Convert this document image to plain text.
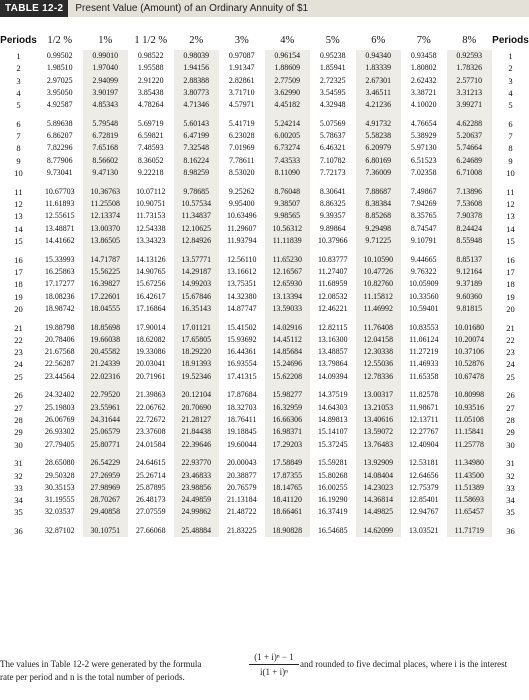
TABLE 12-2	Present Value (Amount) of an Ordinary Annuity of $1
Periods	1/2 %	1%	1 1/2 %	2%	3%	4%	5%	6%	7%	8%	Periods
1	0.99502	0.99010	0.98522	0.98039	0.97087	0.96154	0.95238	0.94340	0.93458	0.92593	1
2	1.98510	1.97040	1.95588	1.94156	1.91347	1.88609	1.85941	1.83339	1.80802	1.78326	2
3	2.97025	2.94099	2.91220	2.88388	2.82861	2.77509	2.72325	2.67301	2.62432	2.57710	3
4	3.95050	3.90197	3.85438	3.80773	3.71710	3.62990	3.54595	3.46511	3.38721	3.31213	4
5	4.92587	4.85343	4.78264	4.71346	4.57971	4.45182	4.32948	4.21236	4.10020	3.99271	5
6	5.89638	5.79548	5.69719	5.60143	5.41719	5.24214	5.07569	4.91732	4.76654	4.62288	6
7	6.86207	6.72819	6.59821	6.47199	6.23028	6.00205	5.78637	5.58238	5.38929	5.20637	7
8	7.82296	7.65168	7.48593	7.32548	7.01969	6.73274	6.46321	6.20979	5.97130	5.74664	8
9	8.77906	8.56602	8.36052	8.16224	7.78611	7.43533	7.10782	6.80169	6.51523	6.24689	9
10	9.73041	9.47130	9.22218	8.98259	8.53020	8.11090	7.72173	7.36009	7.02358	6.71008	10
11	10.67703	10.36763	10.07112	9.78685	9.25262	8.76048	8.30641	7.88687	7.49867	7.13896	11
12	11.61893	11.25508	10.90751	10.57534	9.95400	9.38507	8.86325	8.38384	7.94269	7.53608	12
13	12.55615	12.13374	11.73153	11.34837	10.63496	9.98565	9.39357	8.85268	8.35765	7.90378	13
14	13.48871	13.00370	12.54338	12.10625	11.29607	10.56312	9.89864	9.29498	8.74547	8.24424	14
15	14.41662	13.86505	13.34323	12.84926	11.93794	11.11839	10.37966	9.71225	9.10791	8.55948	15
16	15.33993	14.71787	14.13126	13.57771	12.56110	11.65230	10.83777	10.10590	9.44665	8.85137	16
17	16.25863	15.56225	14.90765	14.29187	13.16612	12.16567	11.27407	10.47726	9.76322	9.12164	17
18	17.17277	16.39827	15.67256	14.99203	13.75351	12.65930	11.68959	10.82760	10.05909	9.37189	18
19	18.08236	17.22601	16.42617	15.67846	14.32380	13.13394	12.08532	11.15812	10.33560	9.60360	19
20	18.98742	18.04555	17.16864	16.35143	14.87747	13.59033	12.46221	11.46992	10.59401	9.81815	20
21	19.88798	18.85698	17.90014	17.01121	15.41502	14.02916	12.82115	11.76408	10.83553	10.01680	21
22	20.78406	19.66038	18.62082	17.65805	15.93692	14.45112	13.16300	12.04158	11.06124	10.20074	22
23	21.67568	20.45582	19.33086	18.29220	16.44361	14.85684	13.48857	12.30338	11.27219	10.37106	23
24	22.56287	21.24339	20.03041	18.91393	16.93554	15.24696	13.79864	12.55036	11.46933	10.52876	24
25	23.44564	22.02316	20.71961	19.52346	17.41315	15.62208	14.09394	12.78336	11.65358	10.67478	25
26	24.32402	22.79520	21.39863	20.12104	17.87684	15.98277	14.37519	13.00317	11.82578	10.80998	26
27	25.19803	23.55961	22.06762	20.70690	18.32703	16.32959	14.64303	13.21053	11.98671	10.93516	27
28	26.06769	24.31644	22.72672	21.28127	18.76411	16.66306	14.89813	13.40616	12.13711	11.05108	28
29	26.93302	25.06579	23.37608	21.84438	19.18845	16.98371	15.14107	13.59072	12.27767	11.15841	29
30	27.79405	25.80771	24.01584	22.39646	19.60044	17.29203	15.37245	13.76483	12.40904	11.25778	30
31	28.65080	26.54229	24.64615	22.93770	20.00043	17.58849	15.59281	13.92909	12.53181	11.34980	31
32	29.50328	27.26959	25.26714	23.46833	20.38877	17.87355	15.80268	14.08404	12.64656	11.43500	32
33	30.35153	27.98969	25.87895	23.98856	20.76579	18.14765	16.00255	14.23023	12.75379	11.51389	33
34	31.19555	28.70267	26.48173	24.49859	21.13184	18.41120	16.19290	14.36814	12.85401	11.58693	34
35	32.03537	29.40858	27.07559	24.99862	21.48722	18.66461	16.37419	14.49825	12.94767	11.65457	35
36	32.87102	30.10751	27.66068	25.48884	21.83225	18.90828	16.54685	14.62099	13.03521	11.71719	36
The values in Table 12-2 were generated by the formula	$\frac{\text{(1 + i)ⁿ − 1}}{\text{i(1 + i)ⁿ}}$ and rounded to five decimal places, where i is the interest
rate per period and n is the total number of periods.
